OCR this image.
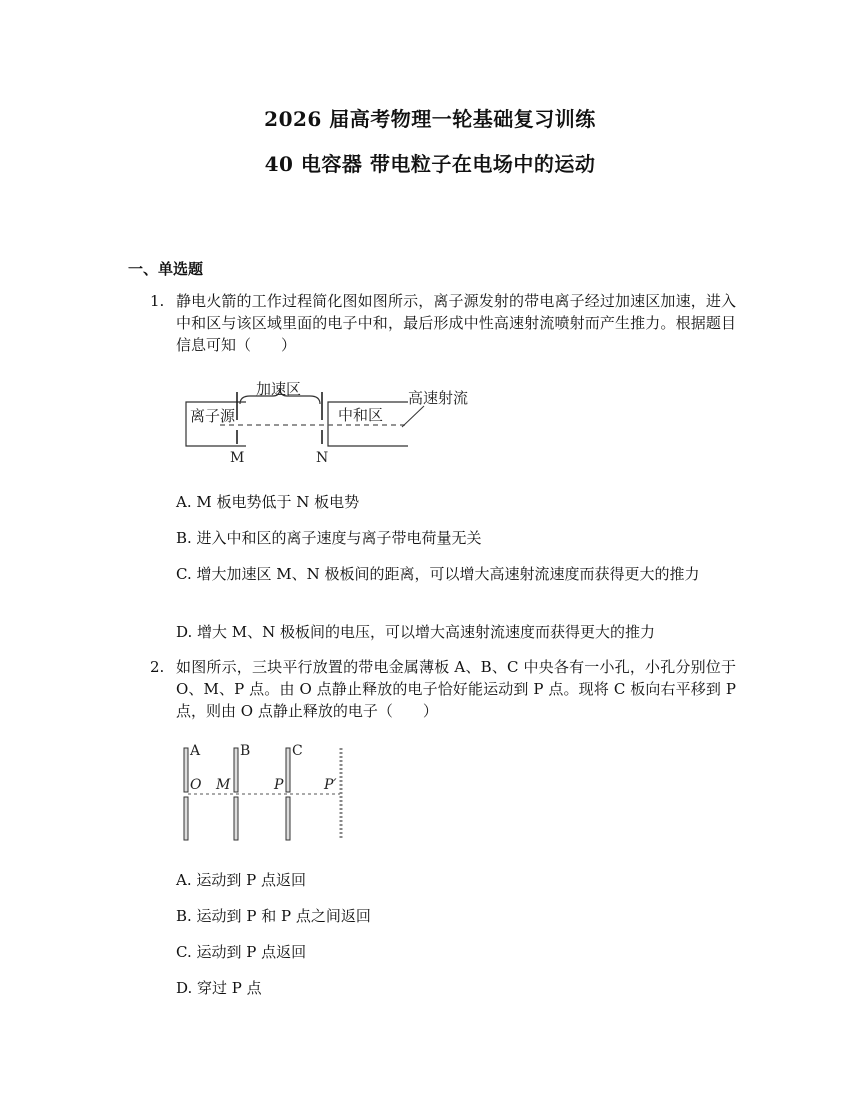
2026 届高考物理一轮基础复习训练
40 电容器 带电粒子在电场中的运动
一、单选题
1. 静电火箭的工作过程简化图如图所示，离子源发射的带电离子经过加速区加速，进入中和区与该区域里面的电子中和，最后形成中性高速射流喷射而产生推力。根据题目信息可知（　　）
离子源
加速区
中和区
高速射流
M	N
A. M 板电势低于 N 板电势
B. 进入中和区的离子速度与离子带电荷量无关
C. 增大加速区 M、N 极板间的距离，可以增大高速射流速度而获得更大的推力
D. 增大 M、N 极板间的电压，可以增大高速射流速度而获得更大的推力
2. 如图所示，三块平行放置的带电金属薄板 A、B、C 中央各有一小孔，小孔分别位于 O、M、P 点。由 O 点静止释放的电子恰好能运动到 P 点。现将 C 板向右平移到 P 点，则由 O 点静止释放的电子（　　）
A	B	C
O M	P	P′
A. 运动到 P 点返回
B. 运动到 P 和 P 点之间返回
C. 运动到 P 点返回
D. 穿过 P 点
